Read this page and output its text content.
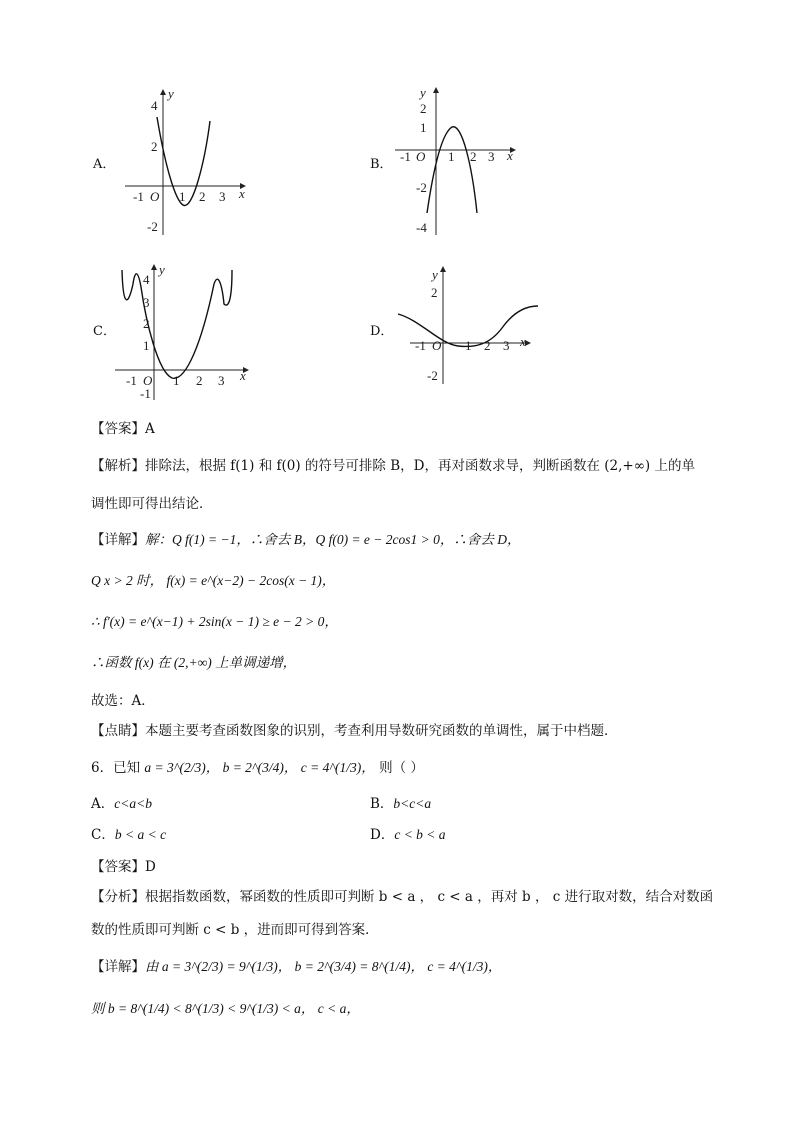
A．	B．
C．	D．
x
y
O
-1	1 2 3
4
2
-2
x
y
O
-1	1 2 3
2
1
-2
-4
x
y
O
-1	1 2 3
4
3
2
1
-1
x
y
O
-1	1 2 3
2
-2
【答案】A
【解析】排除法，根据 f(1) 和 f(0) 的符号可排除 B，D，再对函数求导，判断函数在 (2,+∞) 上的单
调性即可得出结论．
【详解】解：Q f(1) = −1，∴舍去 B，Q f(0) = e − 2cos1 > 0，∴舍去 D，
Q x > 2 时， f(x) = e^(x−2) − 2cos(x − 1)，
∴ f′(x) = e^(x−1) + 2sin(x − 1) ≥ e − 2 > 0，
∴函数 f(x) 在 (2,+∞) 上单调递增，
故选：A．
【点睛】本题主要考查函数图象的识别，考查利用导数研究函数的单调性，属于中档题．
6．已知 a = 3^(2/3)， b = 2^(3/4)， c = 4^(1/3)， 则（ ）
A．c<a<b	B．b<c<a
C．b < a < c	D．c < b < a
【答案】D
【分析】根据指数函数，幂函数的性质即可判断 b < a ， c < a ，再对 b ， c 进行取对数，结合对数函
数的性质即可判断 c < b ，进而即可得到答案．
【详解】由 a = 3^(2/3) = 9^(1/3)， b = 2^(3/4) = 8^(1/4)， c = 4^(1/3)，
则 b = 8^(1/4) < 8^(1/3) < 9^(1/3) < a， c < a，
